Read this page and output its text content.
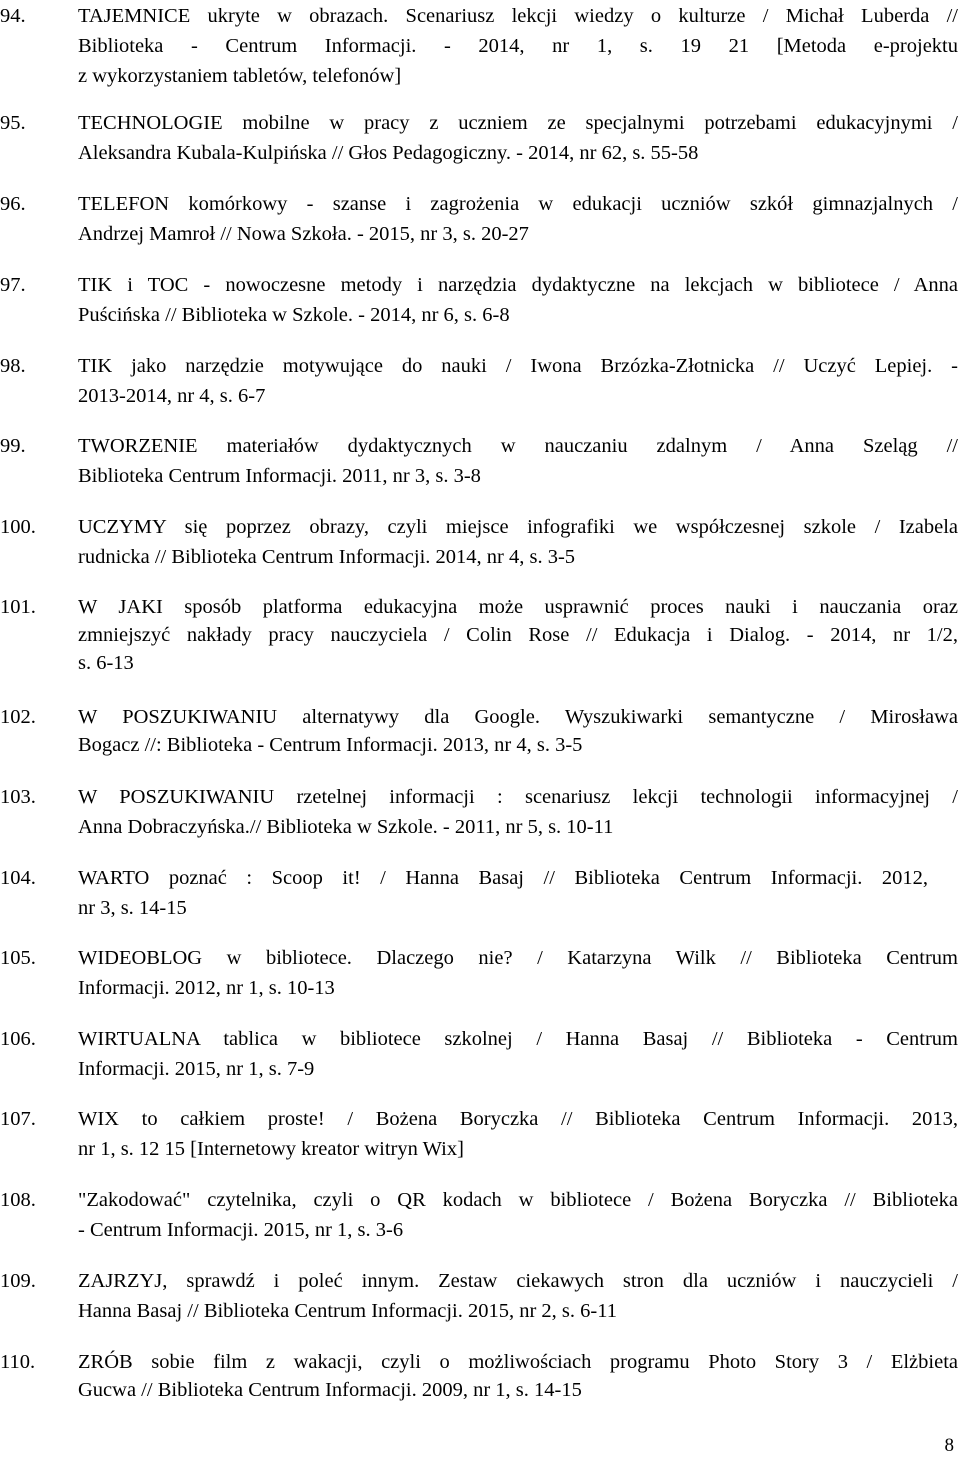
94.	TAJEMNICE ukryte w obrazach. Scenariusz lekcji wiedzy o kulturze / Michał Luberda //
Biblioteka - Centrum Informacji. - 2014, nr 1, s. 19 21 [Metoda e-projektu
z wykorzystaniem tabletów, telefonów]
95.	TECHNOLOGIE mobilne w pracy z uczniem ze specjalnymi potrzebami edukacyjnymi /
Aleksandra Kubala-Kulpińska // Głos Pedagogiczny. - 2014, nr 62, s. 55-58
96.	TELEFON komórkowy - szanse i zagrożenia w edukacji uczniów szkół gimnazjalnych /
Andrzej Mamroł // Nowa Szkoła. - 2015, nr 3, s. 20-27
97.	TIK i TOC - nowoczesne metody i narzędzia dydaktyczne na lekcjach w bibliotece / Anna
Puścińska // Biblioteka w Szkole. - 2014, nr 6, s. 6-8
98.	TIK jako narzędzie motywujące do nauki / Iwona Brzózka-Złotnicka // Uczyć Lepiej. -
2013-2014, nr 4, s. 6-7
99.	TWORZENIE materiałów dydaktycznych w nauczaniu zdalnym / Anna Szeląg //
Biblioteka Centrum Informacji. 2011, nr 3, s. 3-8
100.	UCZYMY się poprzez obrazy, czyli miejsce infografiki we współczesnej szkole / Izabela
rudnicka // Biblioteka Centrum Informacji. 2014, nr 4, s. 3-5
101.	W JAKI sposób platforma edukacyjna może usprawnić proces nauki i nauczania oraz
zmniejszyć nakłady pracy nauczyciela / Colin Rose // Edukacja i Dialog. - 2014, nr 1/2,
s. 6-13
102.	W POSZUKIWANIU alternatywy dla Google. Wyszukiwarki semantyczne / Mirosława
Bogacz //: Biblioteka - Centrum Informacji. 2013, nr 4, s. 3-5
103.	W POSZUKIWANIU rzetelnej informacji : scenariusz lekcji technologii informacyjnej /
Anna Dobraczyńska.// Biblioteka w Szkole. - 2011, nr 5, s. 10-11
104.	WARTO poznać : Scoop it! / Hanna Basaj // Biblioteka Centrum Informacji. 2012,
nr 3, s. 14-15
105.	WIDEOBLOG w bibliotece. Dlaczego nie? / Katarzyna Wilk // Biblioteka Centrum
Informacji. 2012, nr 1, s. 10-13
106.	WIRTUALNA tablica w bibliotece szkolnej / Hanna Basaj // Biblioteka - Centrum
Informacji. 2015, nr 1, s. 7-9
107.	WIX to całkiem proste! / Bożena Boryczka // Biblioteka Centrum Informacji. 2013,
nr 1, s. 12 15 [Internetowy kreator witryn Wix]
108.	"Zakodować" czytelnika, czyli o QR kodach w bibliotece / Bożena Boryczka // Biblioteka
- Centrum Informacji. 2015, nr 1, s. 3-6
109.	ZAJRZYJ, sprawdź i poleć innym. Zestaw ciekawych stron dla uczniów i nauczycieli /
Hanna Basaj // Biblioteka Centrum Informacji. 2015, nr 2, s. 6-11
110.	ZRÓB sobie film z wakacji, czyli o możliwościach programu Photo Story 3 / Elżbieta
Gucwa // Biblioteka Centrum Informacji. 2009, nr 1, s. 14-15
8
